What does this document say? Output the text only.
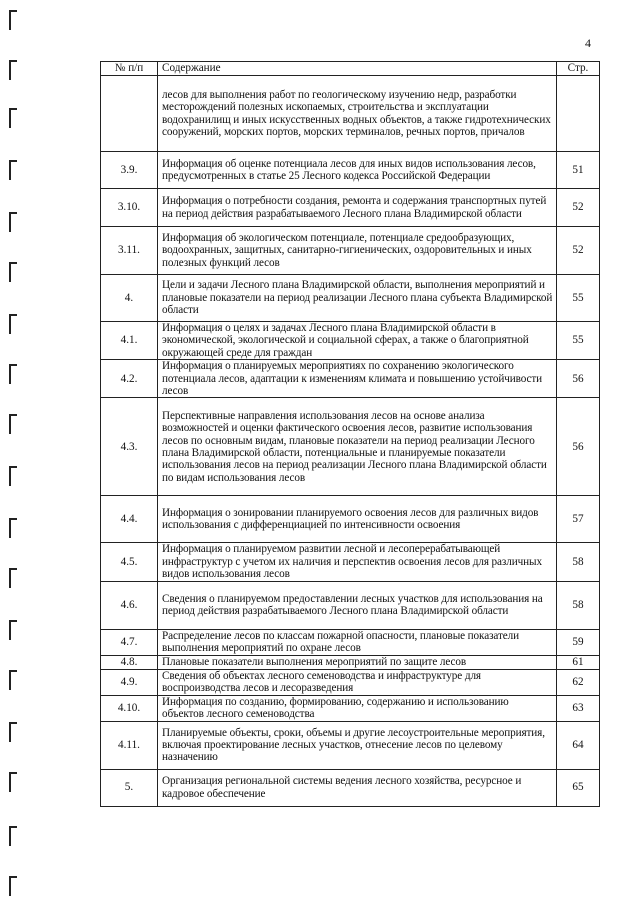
4
№ п/п	Содержание	Стр.
	лесов для выполнения работ по геологическому изучению недр, разработки месторождений полезных ископаемых, строительства и эксплуатации водохранилищ и иных искусственных водных объектов, а также гидротехнических сооружений, морских портов, морских терминалов, речных портов, причалов	
3.9.	Информация об оценке потенциала лесов для иных видов использования лесов, предусмотренных в статье 25 Лесного кодекса Российской Федерации	51
3.10.	Информация о потребности создания, ремонта и содержания транспортных путей на период действия разрабатываемого Лесного плана Владимирской области	52
3.11.	Информация об экологическом потенциале, потенциале средообразующих, водоохранных, защитных, санитарно-гигиенических, оздоровительных и иных полезных функций лесов	52
4.	Цели и задачи Лесного плана Владимирской области, выполнения мероприятий и плановые показатели на период реализации Лесного плана субъекта Владимирской области	55
4.1.	Информация о целях и задачах Лесного плана Владимирской области в экономической, экологической и социальной сферах, а также о благоприятной окружающей среде для граждан	55
4.2.	Информация о планируемых мероприятиях по сохранению экологического потенциала лесов, адаптации к изменениям климата и повышению устойчивости лесов	56
4.3.	Перспективные направления использования лесов на основе анализа возможностей и оценки фактического освоения лесов, развитие использования лесов по основным видам, плановые показатели на период реализации Лесного плана Владимирской области, потенциальные и планируемые показатели использования лесов на период реализации Лесного плана Владимирской области по видам использования лесов	56
4.4.	Информация о зонировании планируемого освоения лесов для различных видов использования с дифференциацией по интенсивности освоения	57
4.5.	Информация о планируемом развитии лесной и лесоперерабатывающей инфраструктур с учетом их наличия и перспектив освоения лесов для различных видов использования лесов	58
4.6.	Сведения о планируемом предоставлении лесных участков для использования на период действия разрабатываемого Лесного плана Владимирской области	58
4.7.	Распределение лесов по классам пожарной опасности, плановые показатели выполнения мероприятий по охране лесов	59
4.8.	Плановые показатели выполнения мероприятий по защите лесов	61
4.9.	Сведения об объектах лесного семеноводства и инфраструктуре для воспроизводства лесов и лесоразведения	62
4.10.	Информация по созданию, формированию, содержанию и использованию объектов лесного семеноводства	63
4.11.	Планируемые объекты, сроки, объемы и другие лесоустроительные мероприятия, включая проектирование лесных участков, отнесение лесов по целевому назначению	64
5.	Организация региональной системы ведения лесного хозяйства, ресурсное и кадровое обеспечение	65
